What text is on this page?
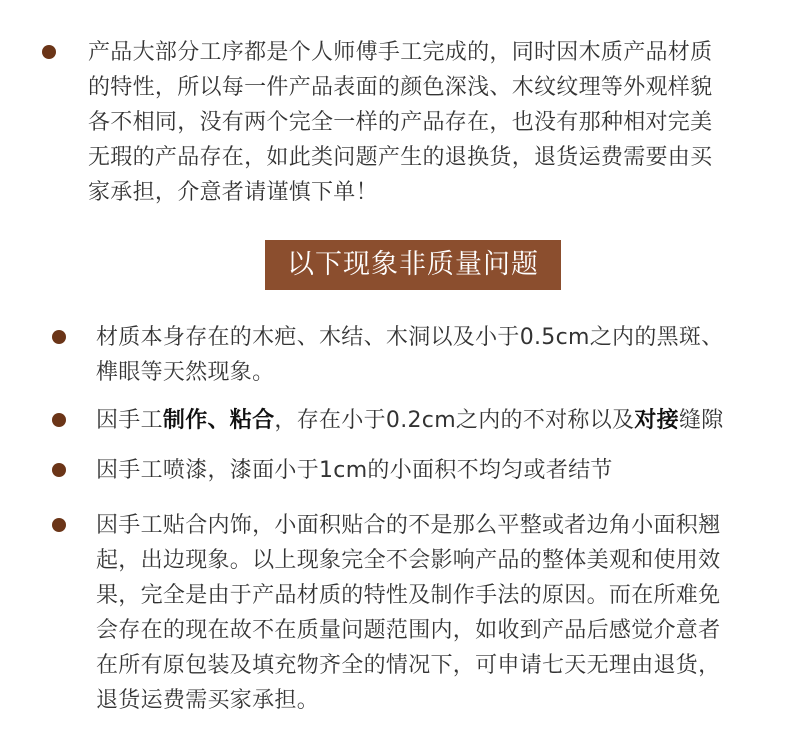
产品大部分工序都是个人师傅手工完成的，同时因木质产品材质
的特性，所以每一件产品表面的颜色深浅、木纹纹理等外观样貌
各不相同，没有两个完全一样的产品存在，也没有那种相对完美
无瑕的产品存在，如此类问题产生的退换货，退货运费需要由买
家承担，介意者请谨慎下单！
以下现象非质量问题
材质本身存在的木疤、木结、木洞以及小于0.5cm之内的黑斑、
榫眼等天然现象。
因手工制作、粘合，存在小于0.2cm之内的不对称以及对接缝隙
因手工喷漆，漆面小于1cm的小面积不均匀或者结节
因手工贴合内饰，小面积贴合的不是那么平整或者边角小面积翘
起，出边现象。以上现象完全不会影响产品的整体美观和使用效
果，完全是由于产品材质的特性及制作手法的原因。而在所难免
会存在的现在故不在质量问题范围内，如收到产品后感觉介意者
在所有原包装及填充物齐全的情况下，可申请七天无理由退货，
退货运费需买家承担。
